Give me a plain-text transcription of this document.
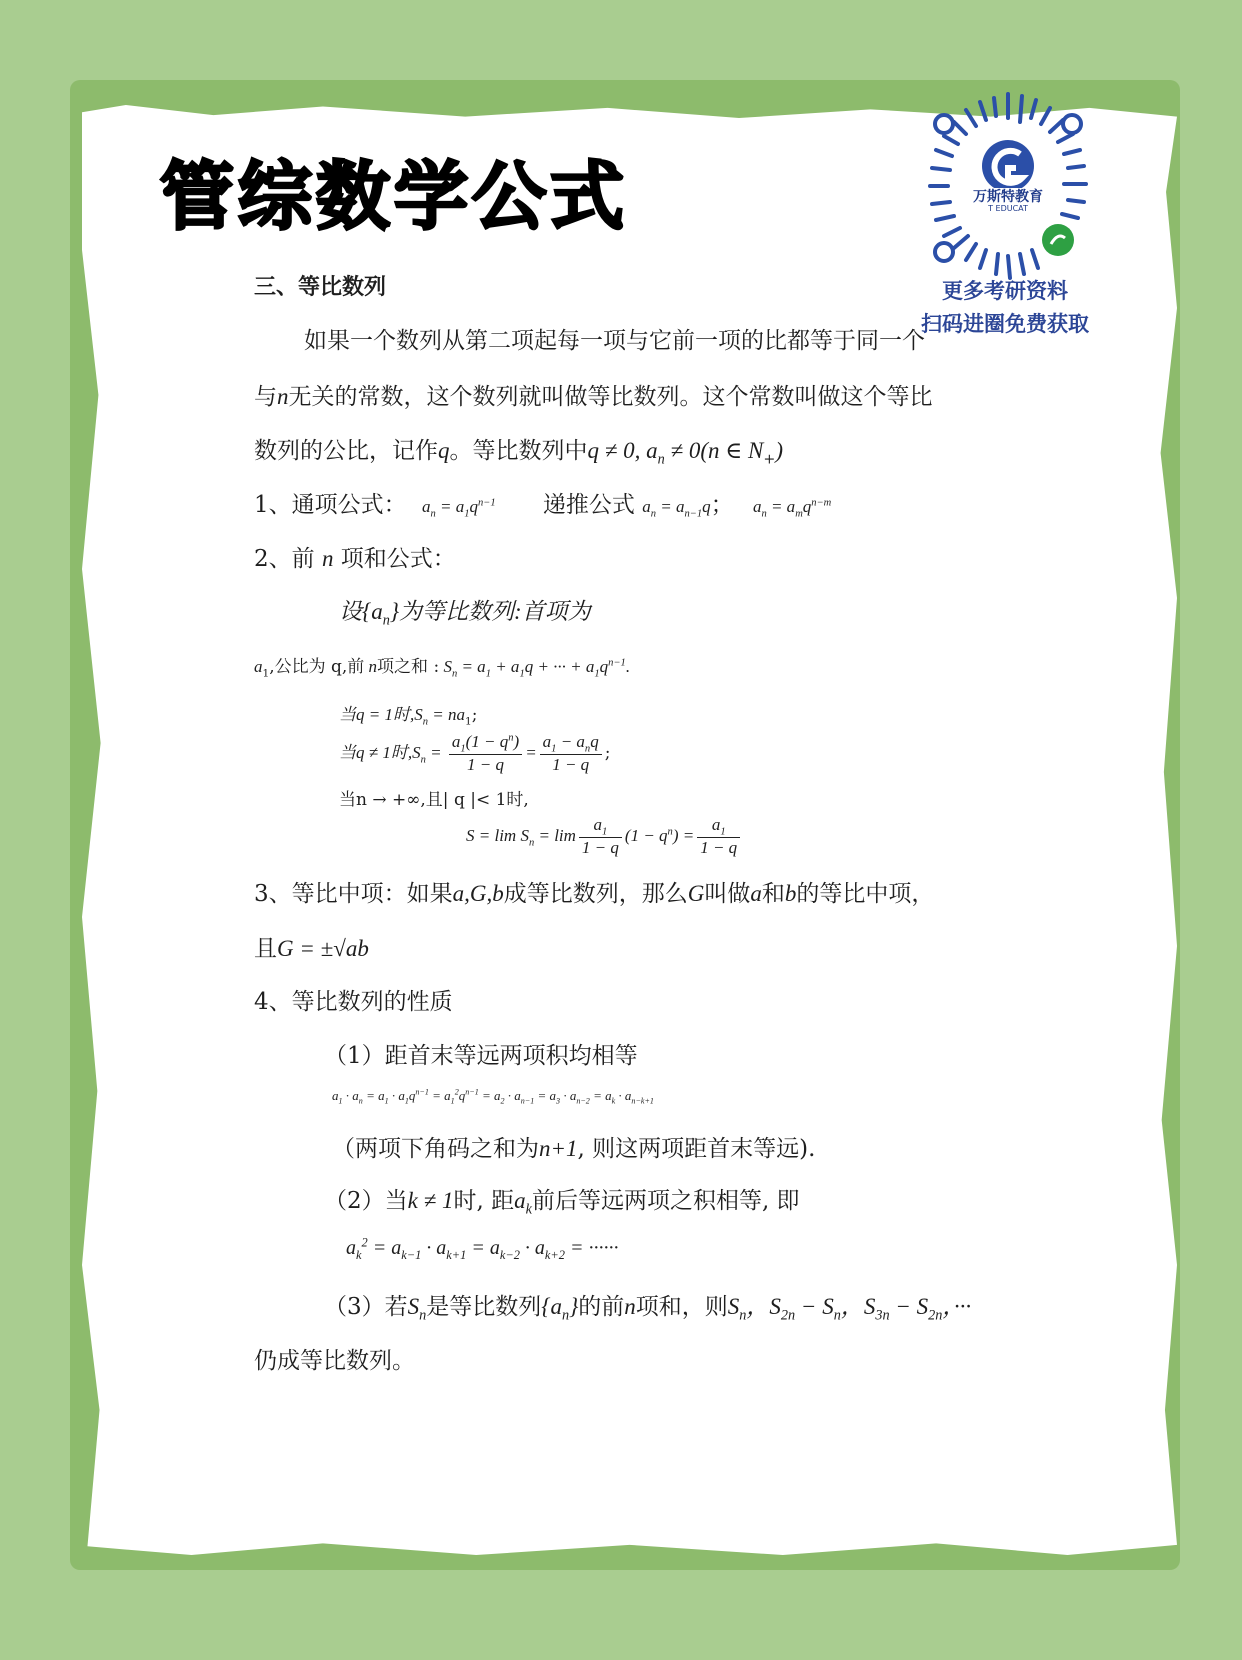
管综数学公式	万斯特教育
T EDUCAT
更多考研资料
扫码进圈免费获取
三、等比数列
如果一个数列从第二项起每一项与它前一项的比都等于同一个
与n无关的常数，这个数列就叫做等比数列。这个常数叫做这个等比
数列的公比，记作q。等比数列中q ≠ 0, $a_n \ne 0(n$ ∈ $N_+$)
1、通项公式： $a_n = a_1q^{n-1}$ 递推公式 $a_n = a_{n-1}q$； $a_n = a_mq^{n-m}$
2、前 n 项和公式：
设$\{a_n\}$为等比数列:首项为
$a_1$,公比为 q,前 n项之和 : $S_n = a_1 + a_1q$ + ··· + $a_1q^{n-1}$.
当q = 1时$,S_n = na_1$;
当q ≠ 1时$,S_n = \frac{a_1(1 - q^n)}{1 - q} = \frac{a_1 - a_nq}{1 - q}$ ;
当n → +∞,且| q |< 1时,
$S = \lim S_n = \lim \frac{a_1}{1 - q} (1 - q^n) = \frac{a_1}{1 - q}$
3、等比中项：如果a,G,b成等比数列，那么G叫做a和b的等比中项，
且G = ±√ab
4、等比数列的性质
（1）距首末等远两项积均相等
$a_1 \cdot a_n = a_1 \cdot a_1q^{n-1} = a_1^2q^{n-1} = a_2 \cdot a_{n-1} = a_3 \cdot a_{n-2} = a_k \cdot a_{n-k+1}$
（两项下角码之和为n+1, 则这两项距首末等远).
（2）当k ≠ 1时, 距$a_k$前后等远两项之积相等, 即
$a_k^2 = a_{k-1} \cdot a_{k+1} = a_{k-2} \cdot a_{k+2}$ = ······
（3）若$S_n$是等比数列$\{a_n\}$的前n项和，则$S_n$，$S_{2n} - S_n$，$S_{3n} - S_{2n}$，···
仍成等比数列。
